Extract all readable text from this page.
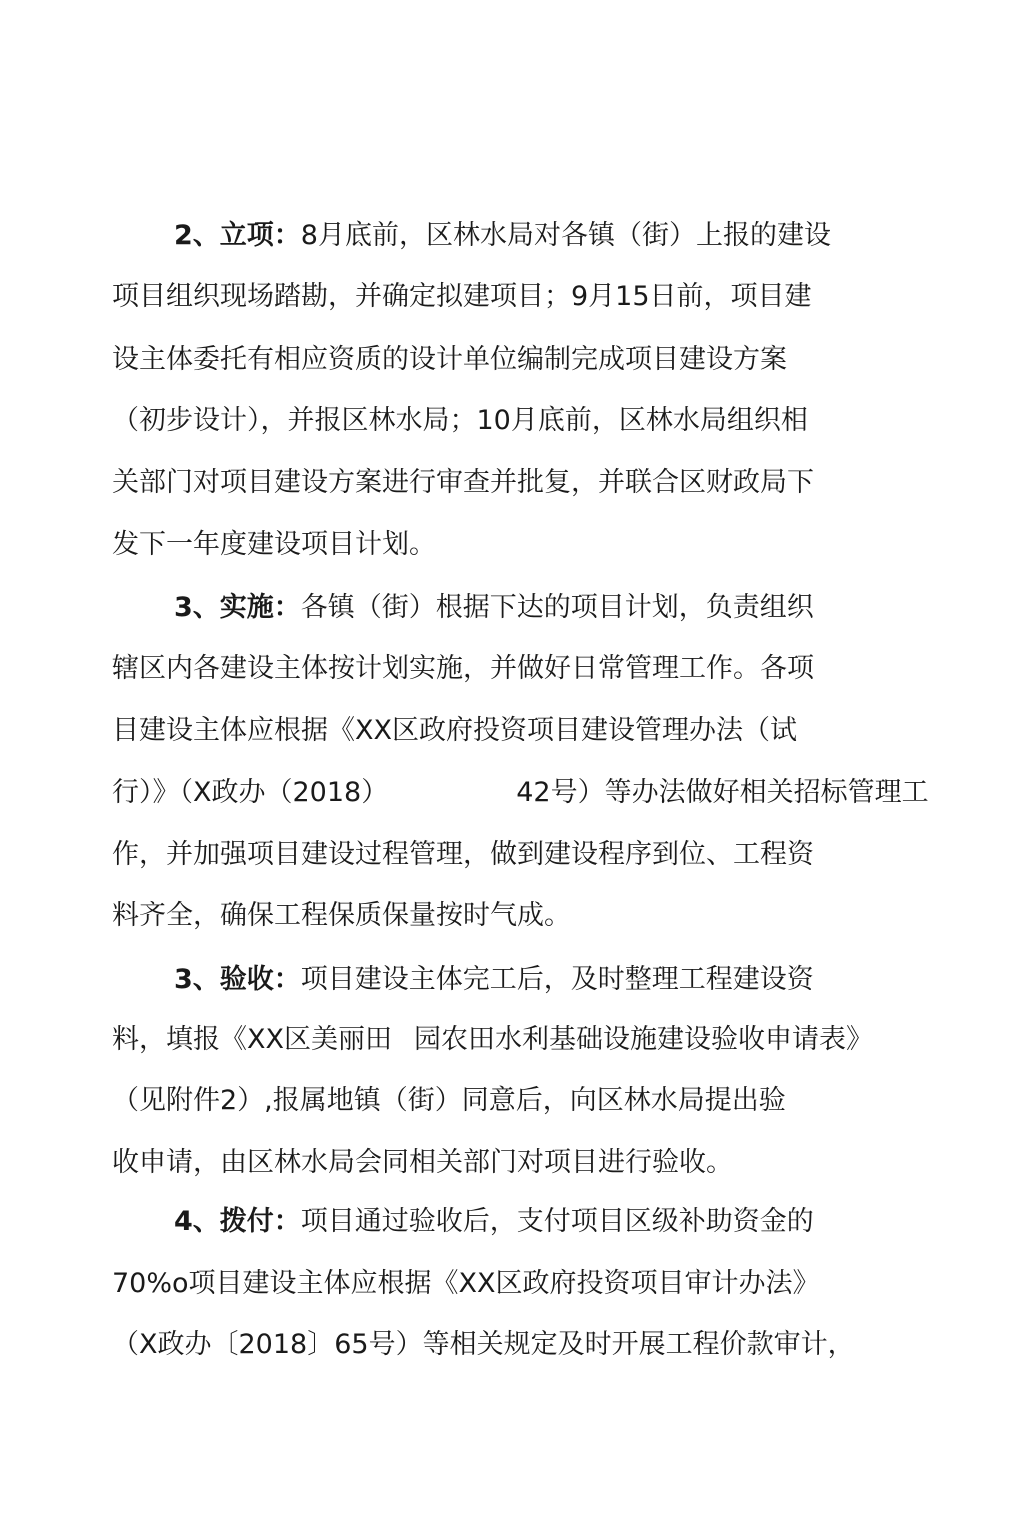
2、立项：8月底前，区林水局对各镇（街）上报的建设
项目组织现场踏勘，并确定拟建项目；9月15日前，项目建
设主体委托有相应资质的设计单位编制完成项目建设方案
（初步设计），并报区林水局；10月底前，区林水局组织相
关部门对项目建设方案进行审查并批复，并联合区财政局下
发下一年度建设项目计划。
3、实施：各镇（街）根据下达的项目计划，负责组织
辖区内各建设主体按计划实施，并做好日常管理工作。各项
目建设主体应根据《XX区政府投资项目建设管理办法（试
行）》（X政办（2018）	42号）等办法做好相关招标管理工
作，并加强项目建设过程管理，做到建设程序到位、工程资
料齐全，确保工程保质保量按时气成。
3、验收：项目建设主体完工后，及时整理工程建设资
料，填报《XX区美丽田 园农田水利基础设施建设验收申请表》
（见附件2）,报属地镇（街）同意后，向区林水局提出验
收申请，由区林水局会同相关部门对项目进行验收。
4、拨付：项目通过验收后，支付项目区级补助资金的
70%o项目建设主体应根据《XX区政府投资项目审计办法》
（X政办〔2018〕65号）等相关规定及时开展工程价款审计，
